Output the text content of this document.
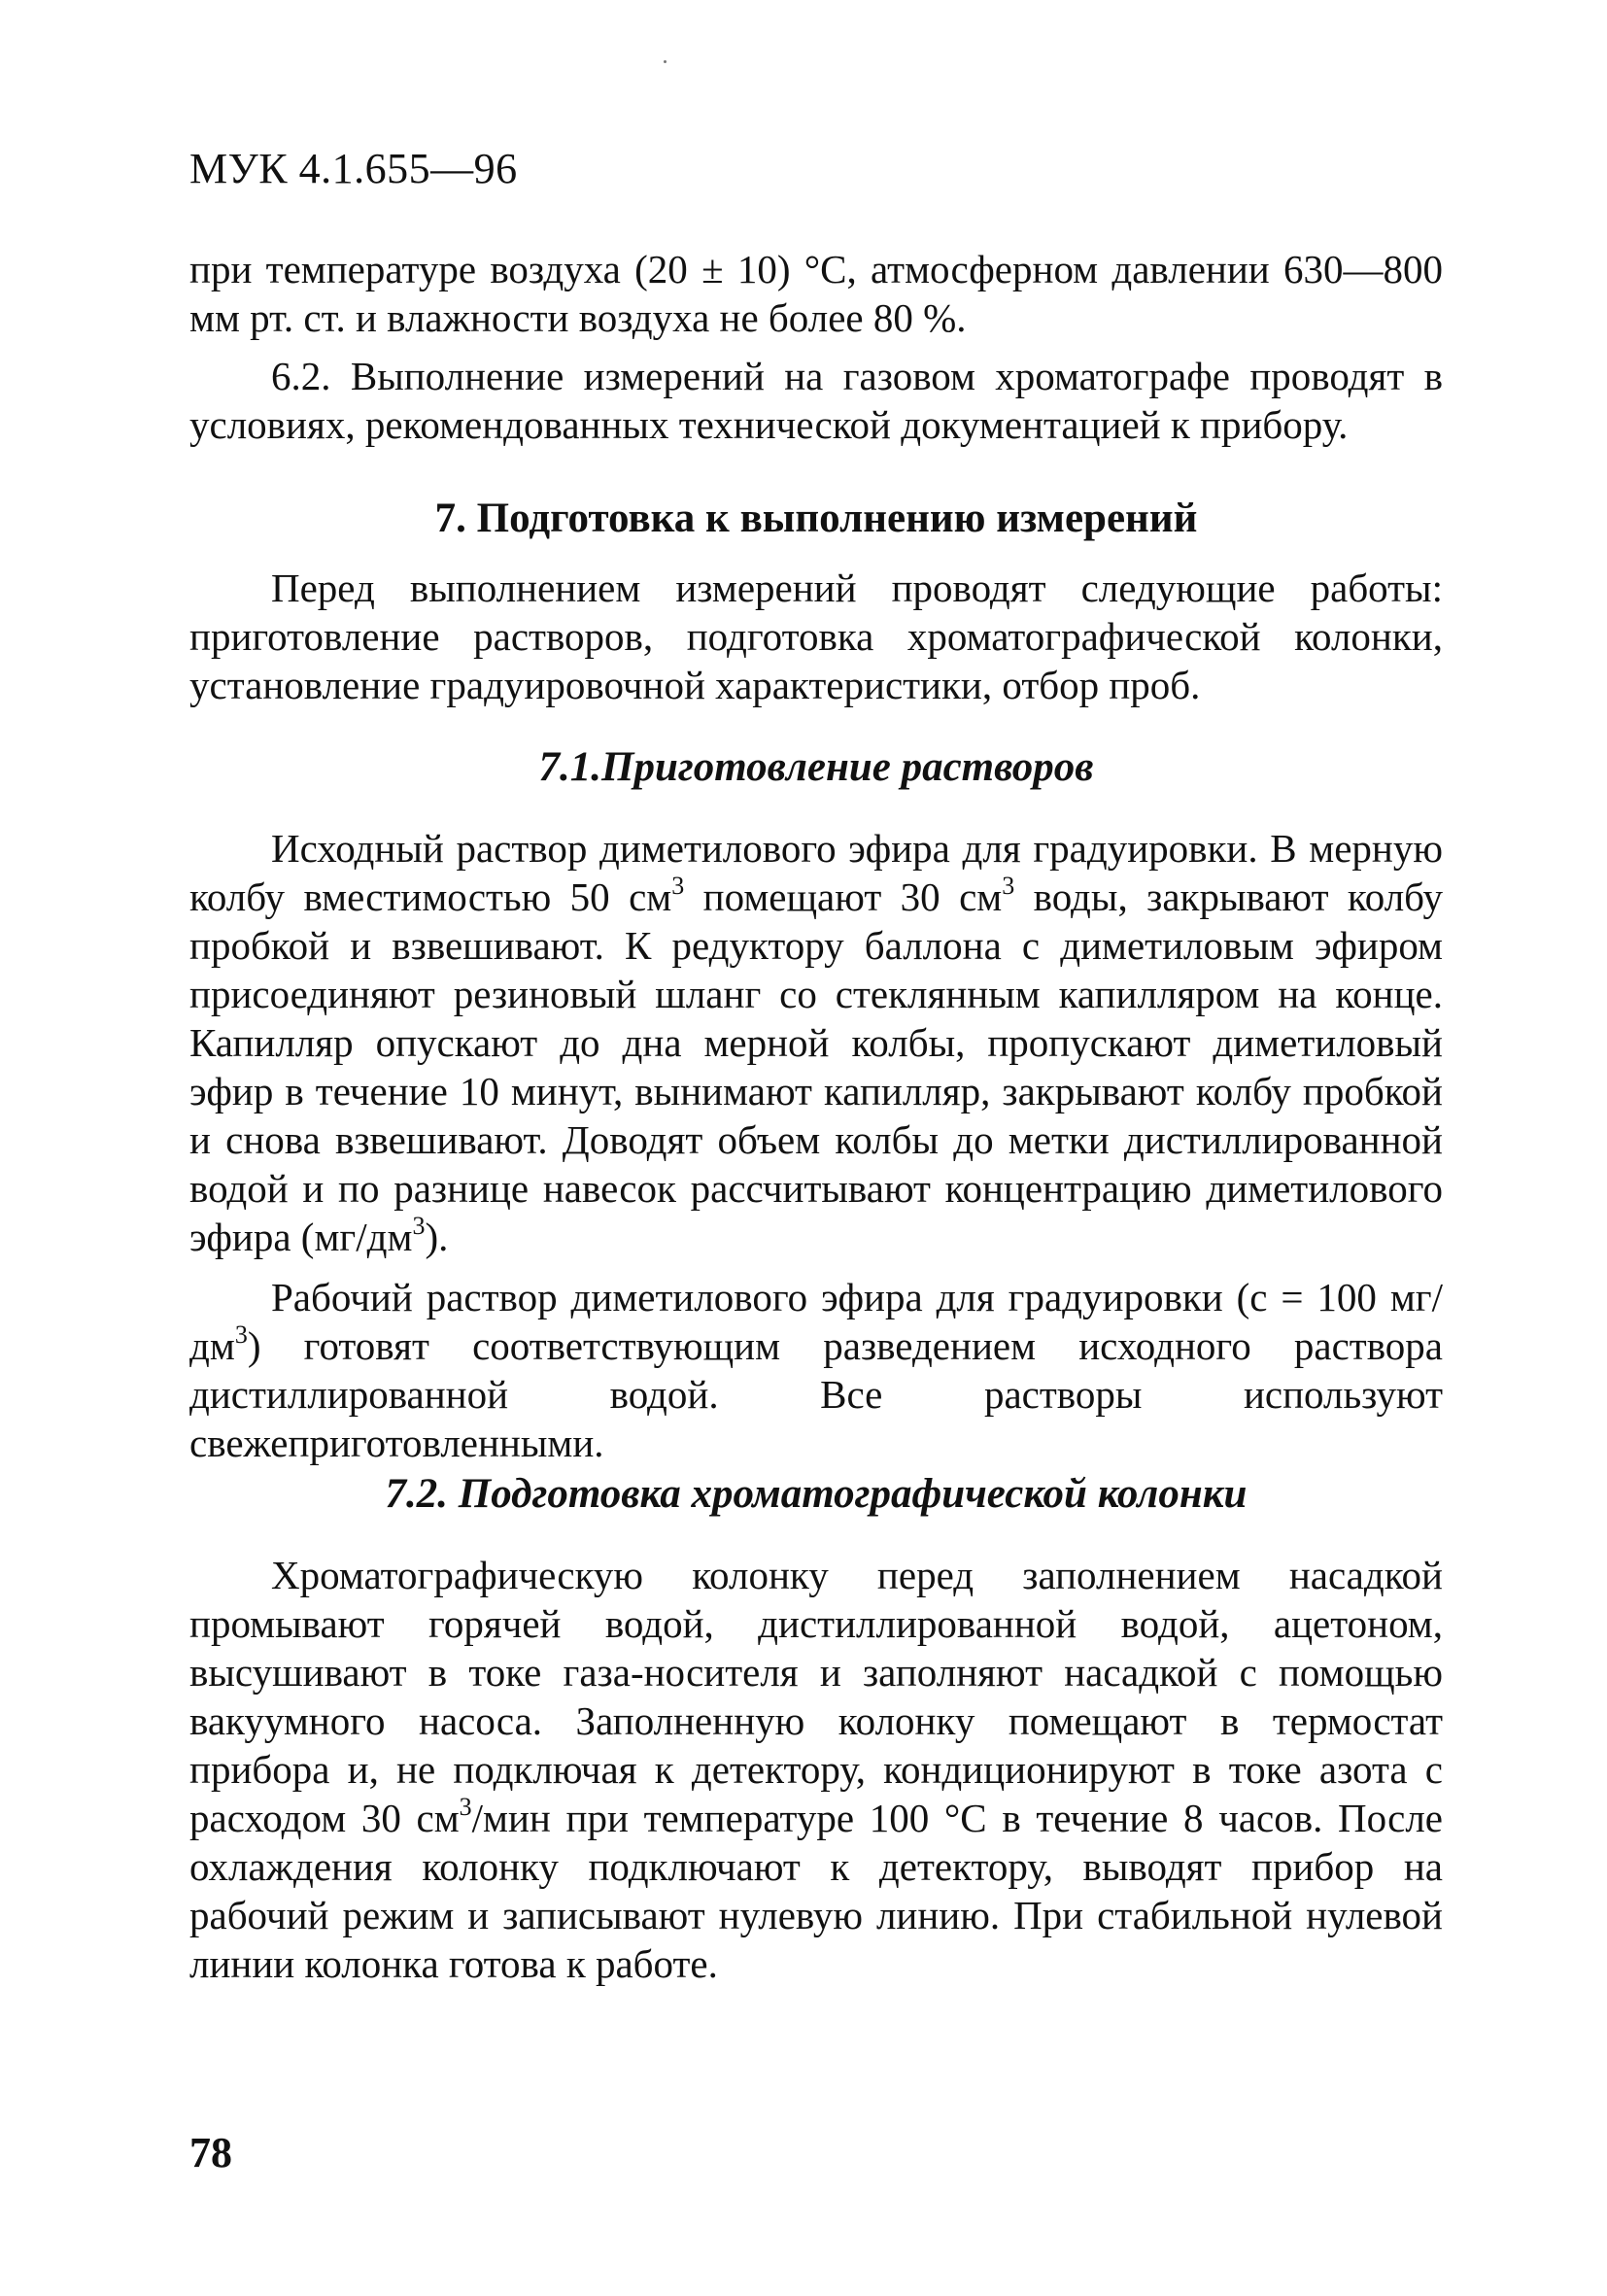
МУК 4.1.655—96

при температуре воздуха (20 ± 10) °С, атмосферном давлении 630—800 мм рт. ст. и влажности воздуха не более 80 %.

6.2. Выполнение измерений на газовом хроматографе проводят в условиях, рекомендованных технической документацией к прибору.

7. Подготовка к выполнению измерений

Перед выполнением измерений проводят следующие работы: приготовление растворов, подготовка хроматографической колонки, установление градуировочной характеристики, отбор проб.

7.1.Приготовление растворов

Исходный раствор диметилового эфира для градуировки. В мерную колбу вместимостью 50 $см^3$ помещают 30 $см^3$ воды, закрывают колбу пробкой и взвешивают. К редуктору баллона с диметиловым эфиром присоединяют резиновый шланг со стеклянным капилляром на конце. Капилляр опускают до дна мерной колбы, пропускают диметиловый эфир в течение 10 минут, вынимают капилляр, закрывают колбу пробкой и снова взвешивают. Доводят объем колбы до метки дистиллированной водой и по разнице навесок рассчитывают концентрацию диметилового эфира $(мг/дм^3)$.

Рабочий раствор диметилового эфира для градуировки (с = 100 $мг/дм^3$) готовят соответствующим разведением исходного раствора дистиллированной водой. Все растворы используют свежеприготовленными.

7.2. Подготовка хроматографической колонки

Хроматографическую колонку перед заполнением насадкой промывают горячей водой, дистиллированной водой, ацетоном, высушивают в токе газа-носителя и заполняют насадкой с помощью вакуумного насоса. Заполненную колонку помещают в термостат прибора и, не подключая к детектору, кондиционируют в токе азота с расходом 30 $см^3$/мин при температуре 100 °С в течение 8 часов. После охлаждения колонку подключают к детектору, выводят прибор на рабочий режим и записывают нулевую линию. При стабильной нулевой линии колонка готова к работе.

78
